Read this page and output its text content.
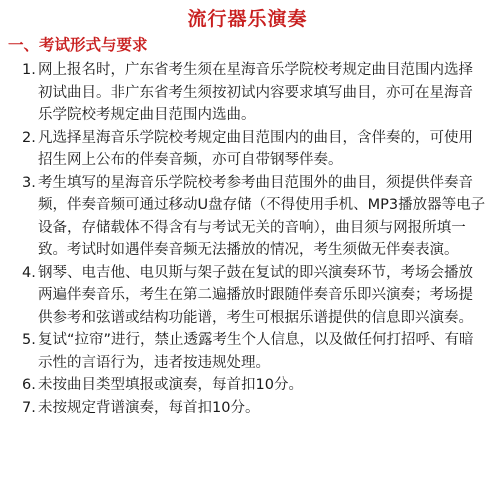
流行器乐演奏
一、考试形式与要求
1. 网上报名时，广东省考生须在星海音乐学院校考规定曲目范围内选择初试曲目。非广东省考生须按初试内容要求填写曲目，亦可在星海音乐学院校考规定曲目范围内选曲。
2. 凡选择星海音乐学院校考规定曲目范围内的曲目，含伴奏的，可使用招生网上公布的伴奏音频，亦可自带钢琴伴奏。
3. 考生填写的星海音乐学院校考参考曲目范围外的曲目，须提供伴奏音频，伴奏音频可通过移动U盘存储（不得使用手机、MP3播放器等电子设备，存储载体不得含有与考试无关的音响），曲目须与网报所填一致。考试时如遇伴奏音频无法播放的情况，考生须做无伴奏表演。
4. 钢琴、电吉他、电贝斯与架子鼓在复试的即兴演奏环节，考场会播放两遍伴奏音乐，考生在第二遍播放时跟随伴奏音乐即兴演奏；考场提供参考和弦谱或结构功能谱，考生可根据乐谱提供的信息即兴演奏。
5. 复试“拉帘”进行，禁止透露考生个人信息，以及做任何打招呼、有暗示性的言语行为，违者按违规处理。
6. 未按曲目类型填报或演奏，每首扣10分。
7. 未按规定背谱演奏，每首扣10分。
